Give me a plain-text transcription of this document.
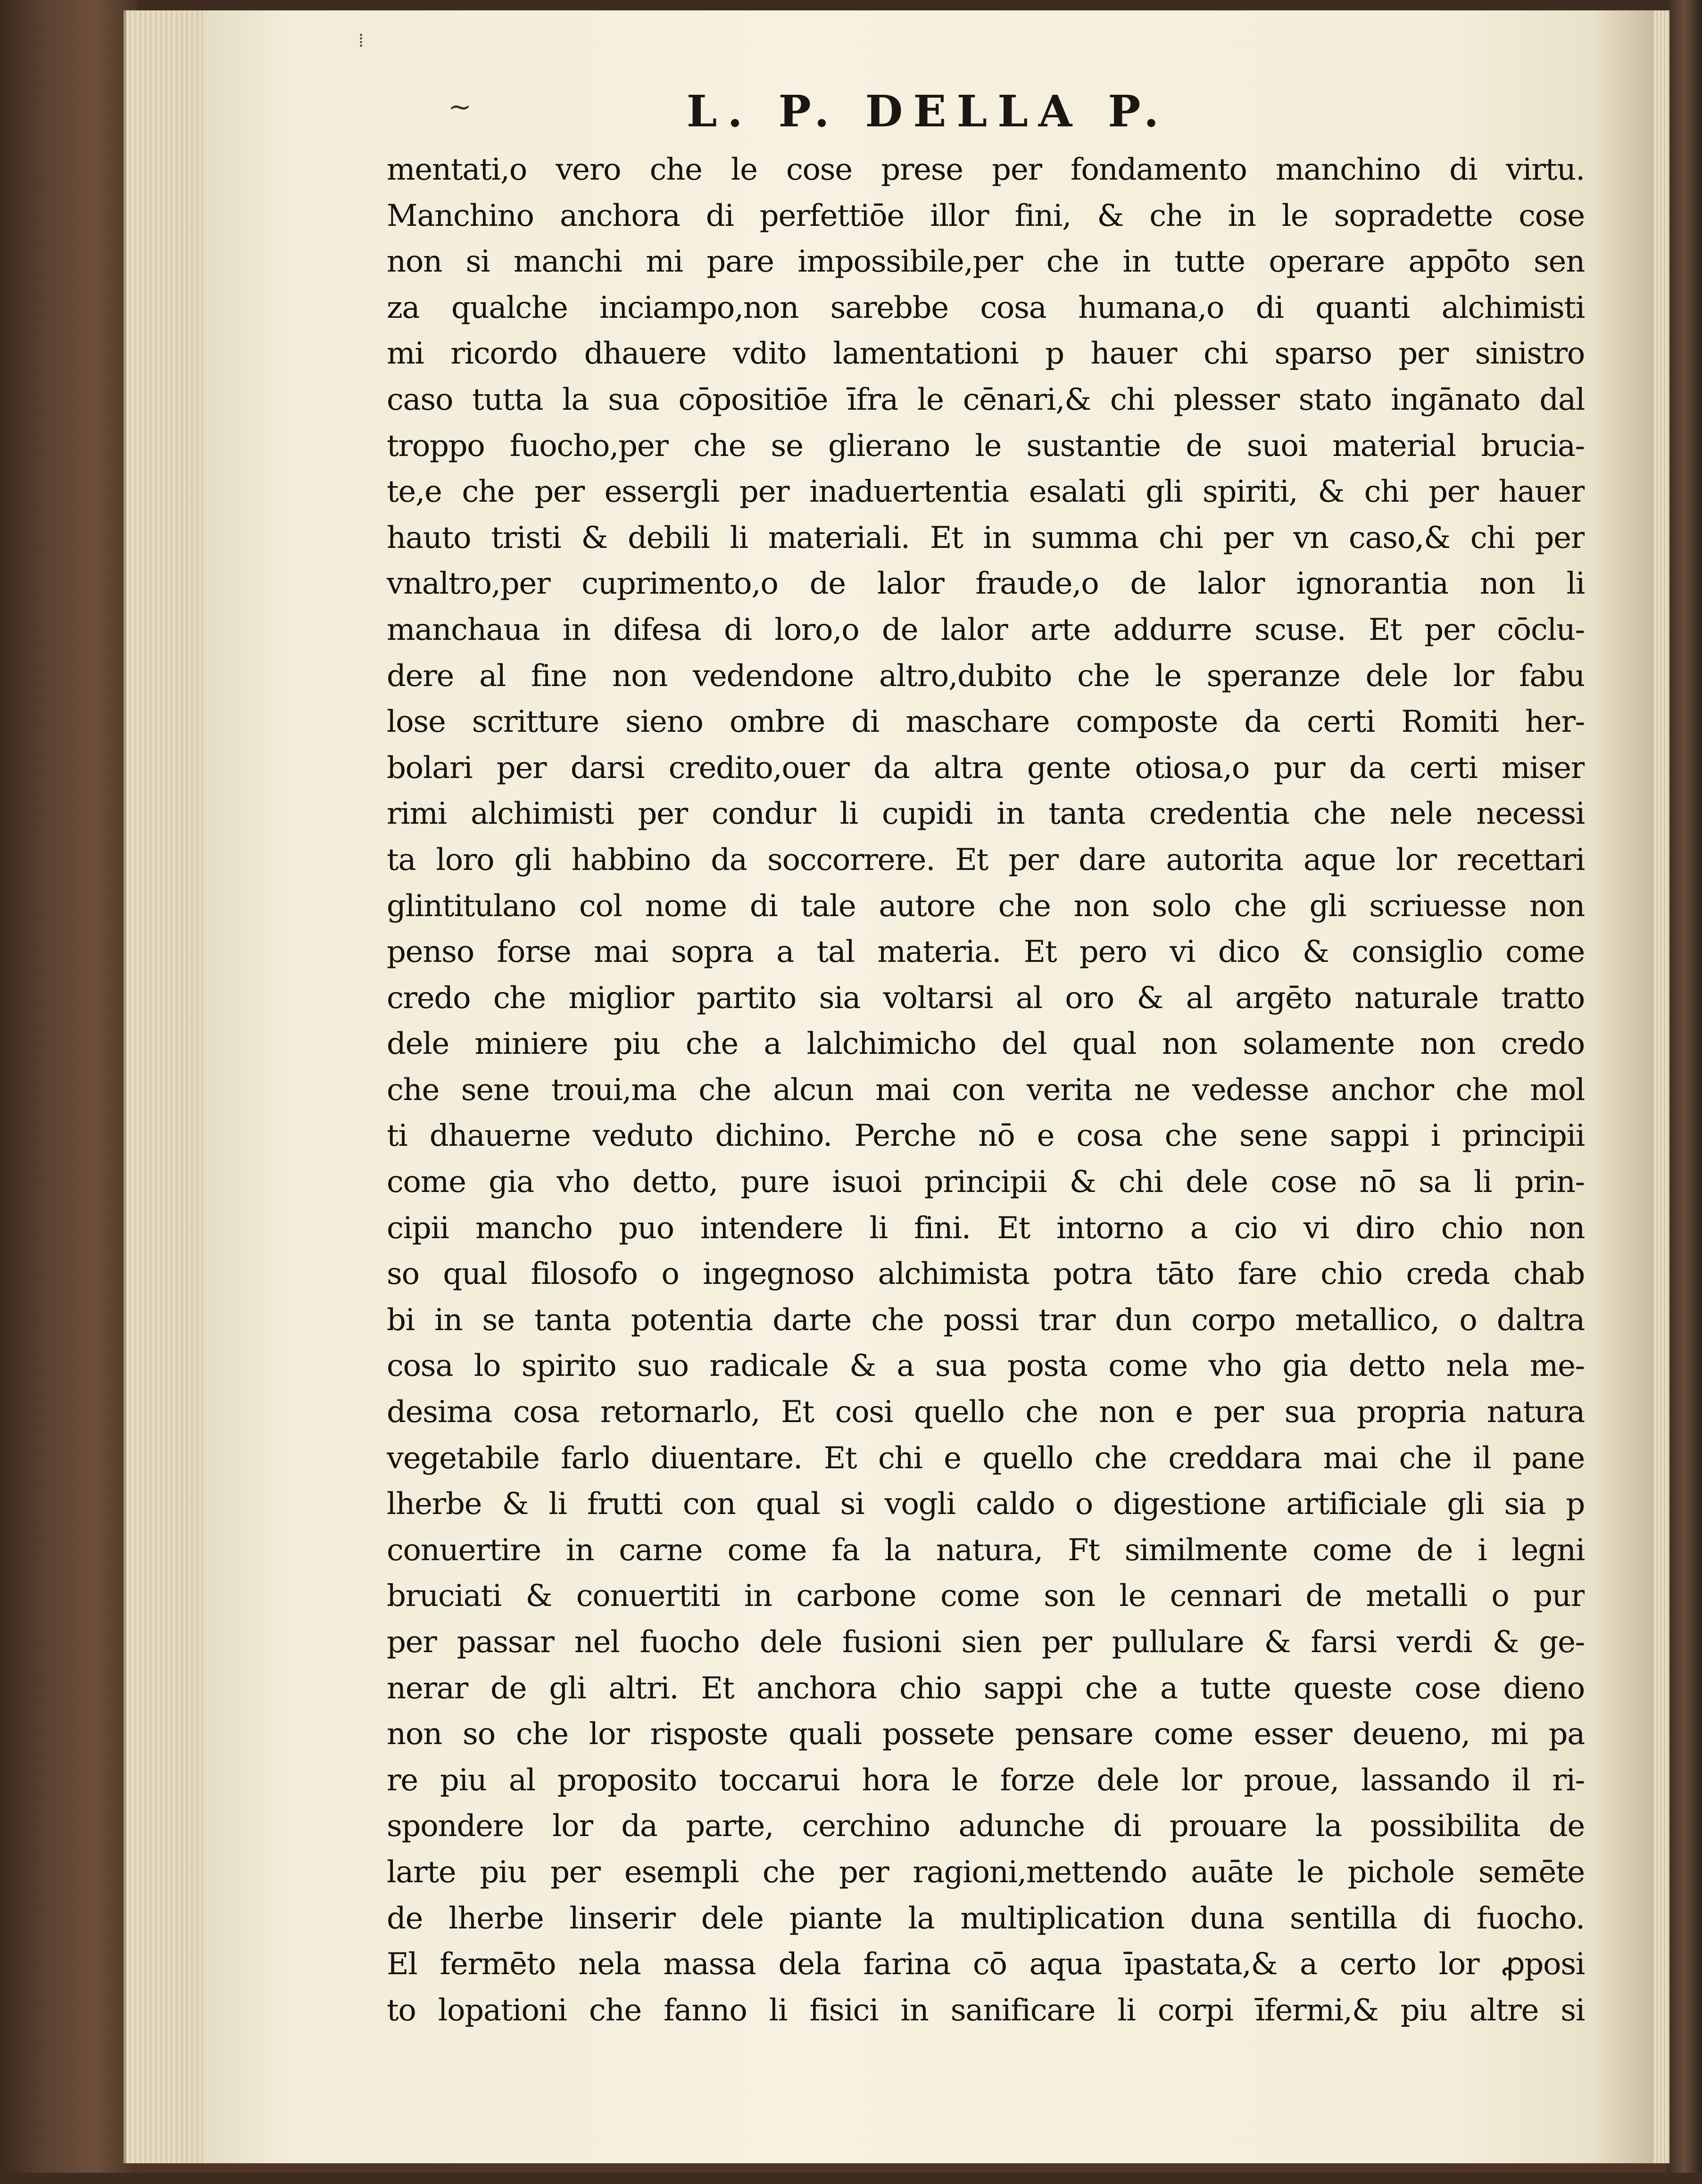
⁞
~	L. P. DELLA P.
mentati,o vero che le cose prese per fondamento manchino di virtu.
Manchino anchora di perfettiōe illor fini, & che in le sopradette cose
non si manchi mi pare impossibile,per che in tutte operare appōto sen
za qualche inciampo,non sarebbe cosa humana,o di quanti alchimisti
mi ricordo dhauere vdito lamentationi p hauer chi sparso per sinistro
caso tutta la sua cōpositiōe īfra le cēnari,& chi plesser stato ingānato dal
troppo fuocho,per che se glierano le sustantie de suoi material brucia-
te,e che per essergli per inaduertentia esalati gli spiriti, & chi per hauer
hauto tristi & debili li materiali. Et in summa chi per vn caso,& chi per
vnaltro,per cuprimento,o de lalor fraude,o de lalor ignorantia non li
manchaua in difesa di loro,o de lalor arte addurre scuse. Et per cōclu-
dere al fine non vedendone altro,dubito che le speranze dele lor fabu
lose scritture sieno ombre di maschare composte da certi Romiti her-
bolari per darsi credito,ouer da altra gente otiosa,o pur da certi miser
rimi alchimisti per condur li cupidi in tanta credentia che nele necessi
ta loro gli habbino da soccorrere. Et per dare autorita aque lor recettari
glintitulano col nome di tale autore che non solo che gli scriuesse non
penso forse mai sopra a tal materia. Et pero vi dico & consiglio come
credo che miglior partito sia voltarsi al oro & al argēto naturale tratto
dele miniere piu che a lalchimicho del qual non solamente non credo
che sene troui,ma che alcun mai con verita ne vedesse anchor che mol
ti dhauerne veduto dichino. Perche nō e cosa che sene sappi i principii
come gia vho detto, pure isuoi principii & chi dele cose nō sa li prin-
cipii mancho puo intendere li fini. Et intorno a cio vi diro chio non
so qual filosofo o ingegnoso alchimista potra tāto fare chio creda chab
bi in se tanta potentia darte che possi trar dun corpo metallico, o daltra
cosa lo spirito suo radicale & a sua posta come vho gia detto nela me-
desima cosa retornarlo, Et cosi quello che non e per sua propria natura
vegetabile farlo diuentare. Et chi e quello che creddara mai che il pane
lherbe & li frutti con qual si vogli caldo o digestione artificiale gli sia p
conuertire in carne come fa la natura, Ft similmente come de i legni
bruciati & conuertiti in carbone come son le cennari de metalli o pur
per passar nel fuocho dele fusioni sien per pullulare & farsi verdi & ge-
nerar de gli altri. Et anchora chio sappi che a tutte queste cose dieno
non so che lor risposte quali possete pensare come esser deueno, mi pa
re piu al proposito toccarui hora le forze dele lor proue, lassando il ri-
spondere lor da parte, cerchino adunche di prouare la possibilita de
larte piu per esempli che per ragioni,mettendo auāte le pichole semēte
de lherbe linserir dele piante la multiplication duna sentilla di fuocho.
El fermēto nela massa dela farina cō aqua īpastata,& a certo lor ꝓposi
to lopationi che fanno li fisici in sanificare li corpi īfermi,& piu altre si
